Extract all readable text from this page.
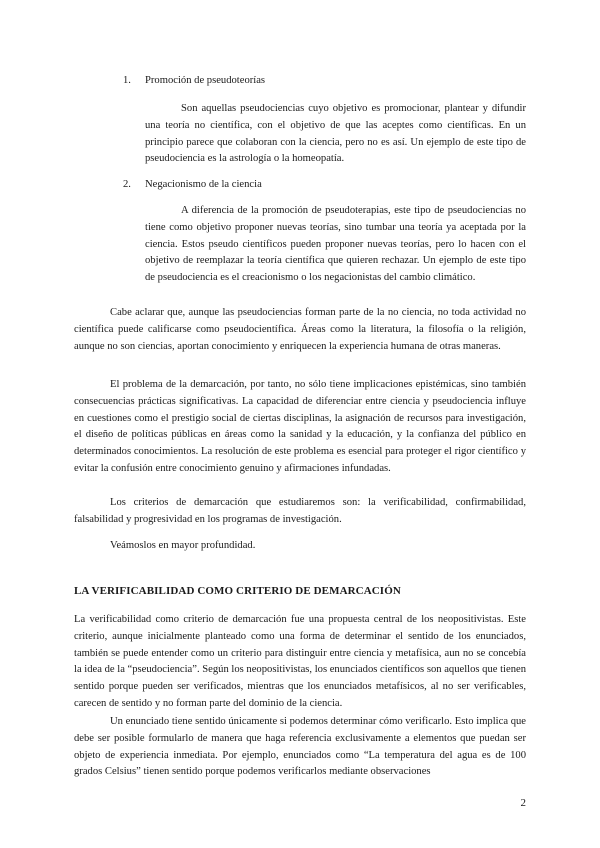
1. Promoción de pseudoteorías

Son aquellas pseudociencias cuyo objetivo es promocionar, plantear y difundir una teoría no científica, con el objetivo de que las aceptes como científicas. En un principio parece que colaboran con la ciencia, pero no es así. Un ejemplo de este tipo de pseudociencia es la astrología o la homeopatía.

2. Negacionismo de la ciencia

A diferencia de la promoción de pseudoterapias, este tipo de pseudociencias no tiene como objetivo proponer nuevas teorías, sino tumbar una teoría ya aceptada por la ciencia. Estos pseudo científicos pueden proponer nuevas teorías, pero lo hacen con el objetivo de reemplazar la teoría científica que quieren rechazar. Un ejemplo de este tipo de pseudociencia es el creacionismo o los negacionistas del cambio climático.

Cabe aclarar que, aunque las pseudociencias forman parte de la no ciencia, no toda actividad no científica puede calificarse como pseudocientífica. Áreas como la literatura, la filosofía o la religión, aunque no son ciencias, aportan conocimiento y enriquecen la experiencia humana de otras maneras.

El problema de la demarcación, por tanto, no sólo tiene implicaciones epistémicas, sino también consecuencias prácticas significativas. La capacidad de diferenciar entre ciencia y pseudociencia influye en cuestiones como el prestigio social de ciertas disciplinas, la asignación de recursos para investigación, el diseño de políticas públicas en áreas como la sanidad y la educación, y la confianza del público en determinados conocimientos. La resolución de este problema es esencial para proteger el rigor científico y evitar la confusión entre conocimiento genuino y afirmaciones infundadas.

Los criterios de demarcación que estudiaremos son: la verificabilidad, confirmabilidad, falsabilidad y progresividad en los programas de investigación.

Veámoslos en mayor profundidad.

LA VERIFICABILIDAD COMO CRITERIO DE DEMARCACIÓN

La verificabilidad como criterio de demarcación fue una propuesta central de los neopositivistas. Este criterio, aunque inicialmente planteado como una forma de determinar el sentido de los enunciados, también se puede entender como un criterio para distinguir entre ciencia y metafísica, aun no se concebía la idea de la “pseudociencia”. Según los neopositivistas, los enunciados científicos son aquellos que tienen sentido porque pueden ser verificados, mientras que los enunciados metafísicos, al no ser verificables, carecen de sentido y no forman parte del dominio de la ciencia.

Un enunciado tiene sentido únicamente si podemos determinar cómo verificarlo. Esto implica que debe ser posible formularlo de manera que haga referencia exclusivamente a elementos que puedan ser objeto de experiencia inmediata. Por ejemplo, enunciados como “La temperatura del agua es de 100 grados Celsius” tienen sentido porque podemos verificarlos mediante observaciones

2
